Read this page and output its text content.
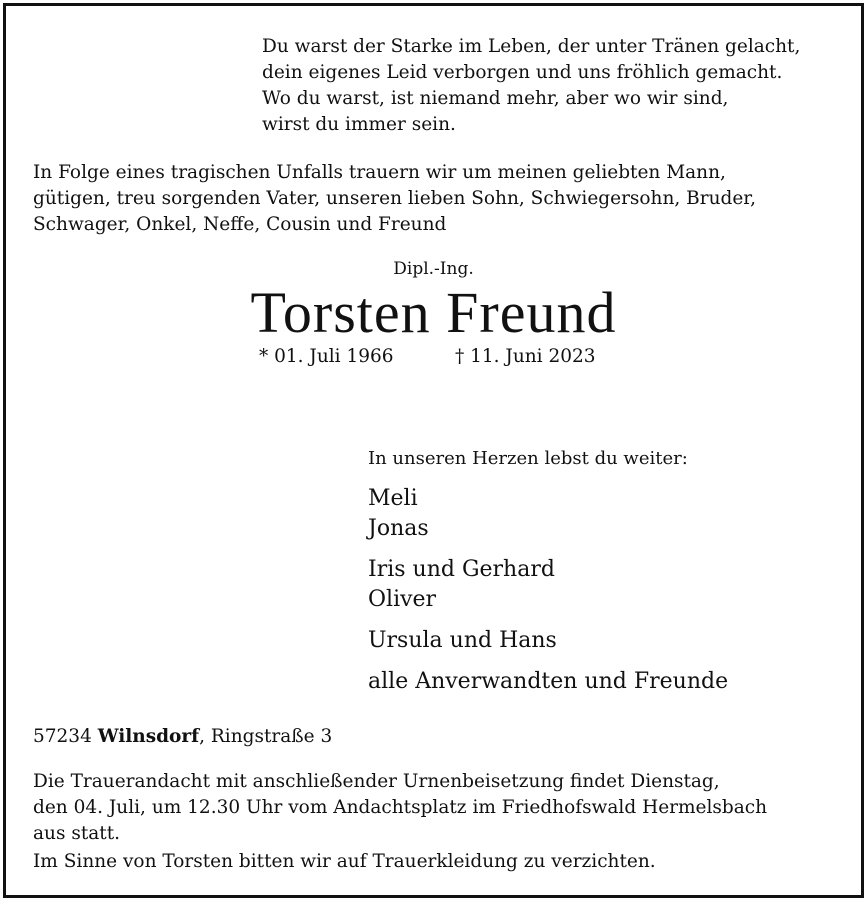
Du warst der Starke im Leben, der unter Tränen gelacht,
dein eigenes Leid verborgen und uns fröhlich gemacht.
Wo du warst, ist niemand mehr, aber wo wir sind,
wirst du immer sein.
In Folge eines tragischen Unfalls trauern wir um meinen geliebten Mann,
gütigen, treu sorgenden Vater, unseren lieben Sohn, Schwiegersohn, Bruder,
Schwager, Onkel, Neffe, Cousin und Freund
Dipl.-Ing.
Torsten Freund
* 01. Juli 1966	† 11. Juni 2023
In unseren Herzen lebst du weiter:
Meli
Jonas
Iris und Gerhard
Oliver
Ursula und Hans
alle Anverwandten und Freunde
57234 Wilnsdorf, Ringstraße 3
Die Trauerandacht mit anschließender Urnenbeisetzung findet Dienstag,
den 04. Juli, um 12.30 Uhr vom Andachtsplatz im Friedhofswald Hermelsbach
aus statt.
Im Sinne von Torsten bitten wir auf Trauerkleidung zu verzichten.
